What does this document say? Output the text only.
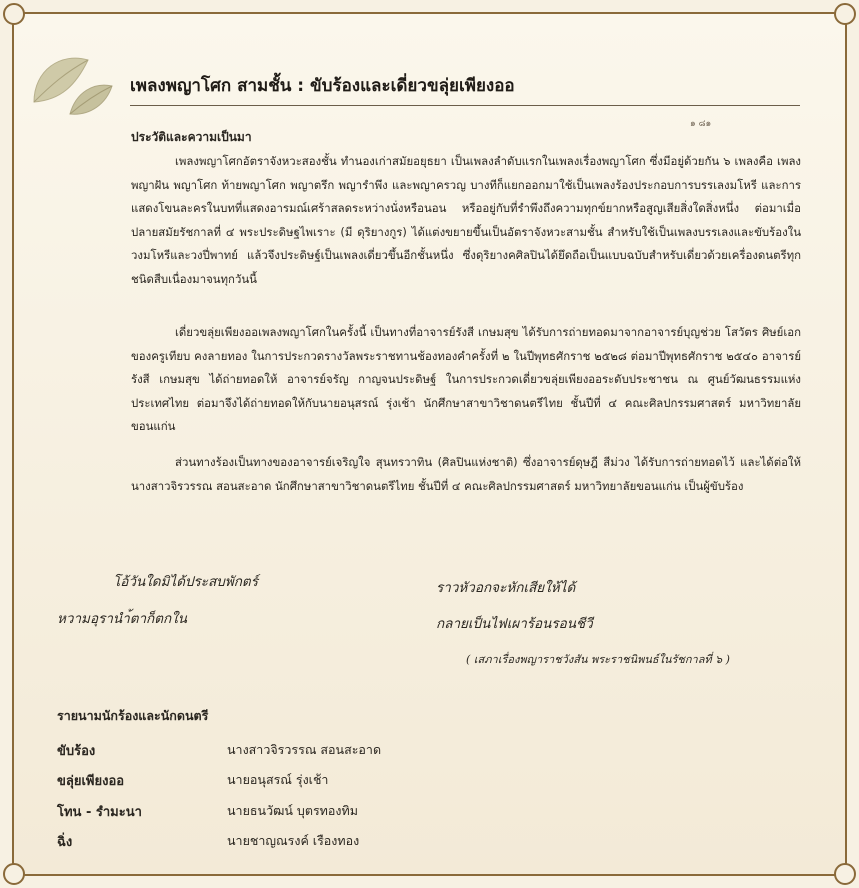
เพลงพญาโศก สามชั้น : ขับร้องและเดี่ยวขลุ่ยเพียงออ
๑ ๘๑
ประวัติและความเป็นมา

เพลงพญาโศกอัตราจังหวะสองชั้น ทำนองเก่าสมัยอยุธยา เป็นเพลงลำดับแรกในเพลงเรื่องพญาโศก ซึ่งมีอยู่ด้วยกัน ๖ เพลงคือ เพลงพญาฝัน พญาโศก ท้ายพญาโศก พญาตรึก พญารำพึง และพญาครวญ บางทีก็แยกออกมาใช้เป็นเพลงร้องประกอบการบรรเลงมโหรี และการแสดงโขนละครในบทที่แสดงอารมณ์เศร้าสลดระหว่างนั่งหรือนอน หรืออยู่กับที่รำพึงถึงความทุกข์ยากหรือสูญเสียสิ่งใดสิ่งหนึ่ง ต่อมาเมื่อปลายสมัยรัชกาลที่ ๔ พระประดิษฐไพเราะ (มี ดุริยางกูร) ได้แต่งขยายขึ้นเป็นอัตราจังหวะสามชั้น สำหรับใช้เป็นเพลงบรรเลงและขับร้องในวงมโหรีและวงปี่พาทย์ แล้วจึงประดิษฐ์เป็นเพลงเดี่ยวขึ้นอีกชั้นหนึ่ง ซึ่งดุริยางคศิลปินได้ยึดถือเป็นแบบฉบับสำหรับเดี่ยวด้วยเครื่องดนตรีทุกชนิดสืบเนื่องมาจนทุกวันนี้

เดี่ยวขลุ่ยเพียงออเพลงพญาโศกในครั้งนี้ เป็นทางที่อาจารย์รังสี เกษมสุข ได้รับการถ่ายทอดมาจากอาจารย์บุญช่วย โสวัตร ศิษย์เอกของครูเทียบ คงลายทอง ในการประกวดรางวัลพระราชทานช้องทองคำครั้งที่ ๒ ในปีพุทธศักราช ๒๕๒๘ ต่อมาปีพุทธศักราช ๒๕๔๐ อาจารย์รังสี เกษมสุข ได้ถ่ายทอดให้ อาจารย์จรัญ กาญจนประดิษฐ์ ในการประกวดเดี่ยวขลุ่ยเพียงออระดับประชาชน ณ ศูนย์วัฒนธรรมแห่งประเทศไทย ต่อมาจึงได้ถ่ายทอดให้กับนายอนุสรณ์ รุ่งเช้า นักศึกษาสาขาวิชาดนตรีไทย ชั้นปีที่ ๔ คณะศิลปกรรมศาสตร์ มหาวิทยาลัยขอนแก่น

ส่วนทางร้องเป็นทางของอาจารย์เจริญใจ สุนทรวาทิน (ศิลปินแห่งชาติ) ซึ่งอาจารย์ดุษฎี สีม่วง ได้รับการถ่ายทอดไว้ และได้ต่อให้นางสาวจิรวรรณ สอนสะอาด นักศึกษาสาขาวิชาดนตรีไทย ชั้นปีที่ ๔ คณะศิลปกรรมศาสตร์ มหาวิทยาลัยขอนแก่น เป็นผู้ขับร้อง

โอ้วันใดมิได้ประสบพักตร์
หวามอุรานำ้ตาก็ตกใน
ราวหัวอกจะหักเสียให้ได้
กลายเป็นไฟเผาร้อนรอนชีวี
( เสภาเรื่องพญาราชวังสัน พระราชนิพนธ์ในรัชกาลที่ ๖ )
รายนามนักร้องและนักดนตรี
ขับร้อง	นางสาวจิรวรรณ สอนสะอาด
ขลุ่ยเพียงออ	นายอนุสรณ์ รุ่งเช้า
โทน - รำมะนา	นายธนวัฒน์ บุตรทองทิม
ฉิ่ง	นายชาญณรงค์ เรืองทอง
